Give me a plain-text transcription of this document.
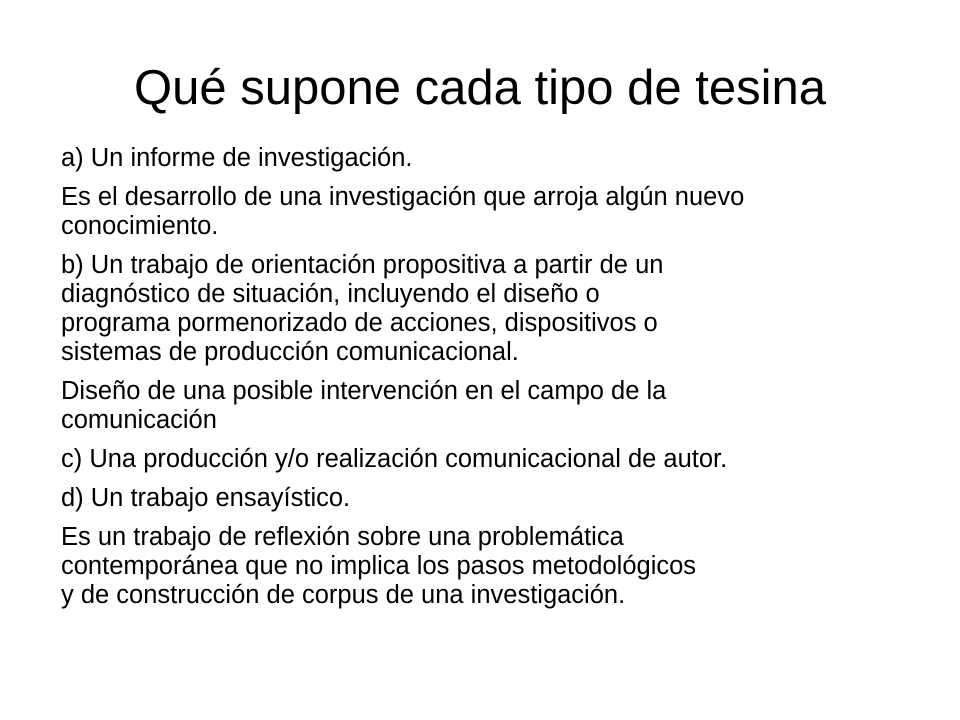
Qué supone cada tipo de tesina
a) Un informe de investigación.
Es el desarrollo de una investigación que arroja algún nuevo
conocimiento.
b) Un trabajo de orientación propositiva a partir de un
diagnóstico de situación, incluyendo el diseño o
programa pormenorizado de acciones, dispositivos o
sistemas de producción comunicacional.
Diseño de una posible intervención en el campo de la
comunicación
c) Una producción y/o realización comunicacional de autor.
d) Un trabajo ensayístico.
Es un trabajo de reflexión sobre una problemática
contemporánea que no implica los pasos metodológicos
y de construcción de corpus de una investigación.
